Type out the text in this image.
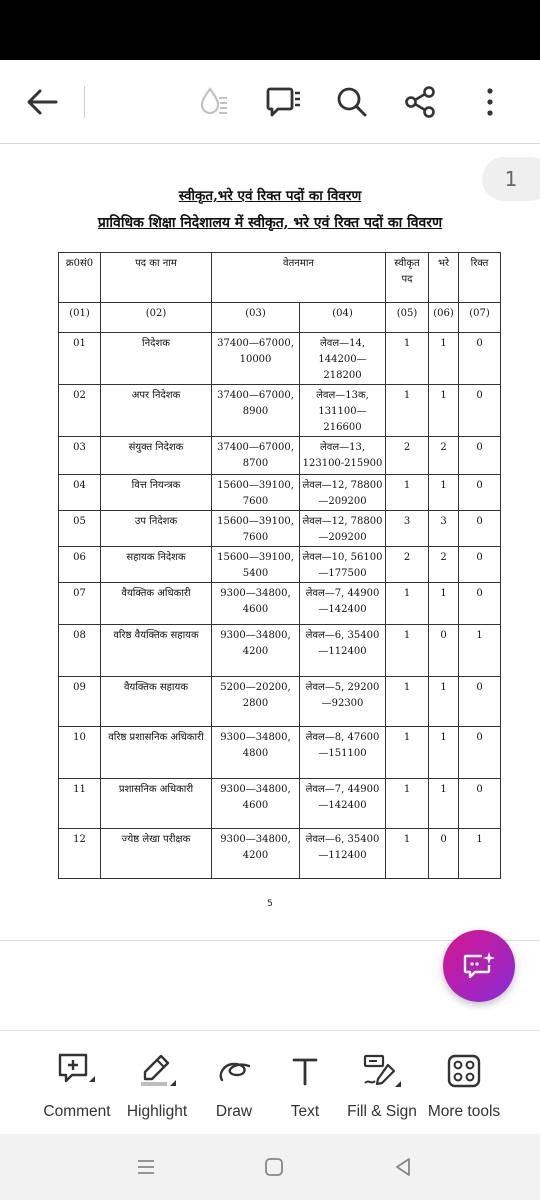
1
स्वीकृत,भरे एवं रिक्त पदों का विवरण
प्राविधिक शिक्षा निदेशालय में स्वीकृत, भरे एवं रिक्त पदों का विवरण
क्र0सं0	पद का नाम	वेतनमान		स्वीकृत पद	भरे	रिक्त
(01)	(02)	(03)	(04)	(05)	(06)	(07)
01	निदेशक	37400—67000, 10000	लेवल—14, 144200—218200	1	1	0
02	अपर निदेशक	37400—67000, 8900	लेवल—13क, 131100—216600	1	1	0
03	संयुक्त निदेशक	37400—67000, 8700	लेवल—13, 123100-215900	2	2	0
04	वित्त नियन्त्रक	15600—39100, 7600	लेवल—12, 78800—209200	1	1	0
05	उप निदेशक	15600—39100, 7600	लेवल—12, 78800—209200	3	3	0
06	सहायक निदेशक	15600—39100, 5400	लेवल—10, 56100—177500	2	2	0
07	वैयक्तिक अधिकारी	9300—34800, 4600	लेवल—7, 44900—142400	1	1	0
08	वरिष्ठ वैयक्तिक सहायक	9300—34800, 4200	लेवल—6, 35400—112400	1	0	1
09	वैयक्तिक सहायक	5200—20200, 2800	लेवल—5, 29200—92300	1	1	0
10	वरिष्ठ प्रशासनिक अधिकारी	9300—34800, 4800	लेवल—8, 47600—151100	1	1	0
11	प्रशासनिक अधिकारी	9300—34800, 4600	लेवल—7, 44900—142400	1	1	0
12	ज्येष्ठ लेखा परीक्षक	9300—34800, 4200	लेवल—6, 35400—112400	1	0	1
5
Comment Highlight Draw Text Fill & Sign More tools
